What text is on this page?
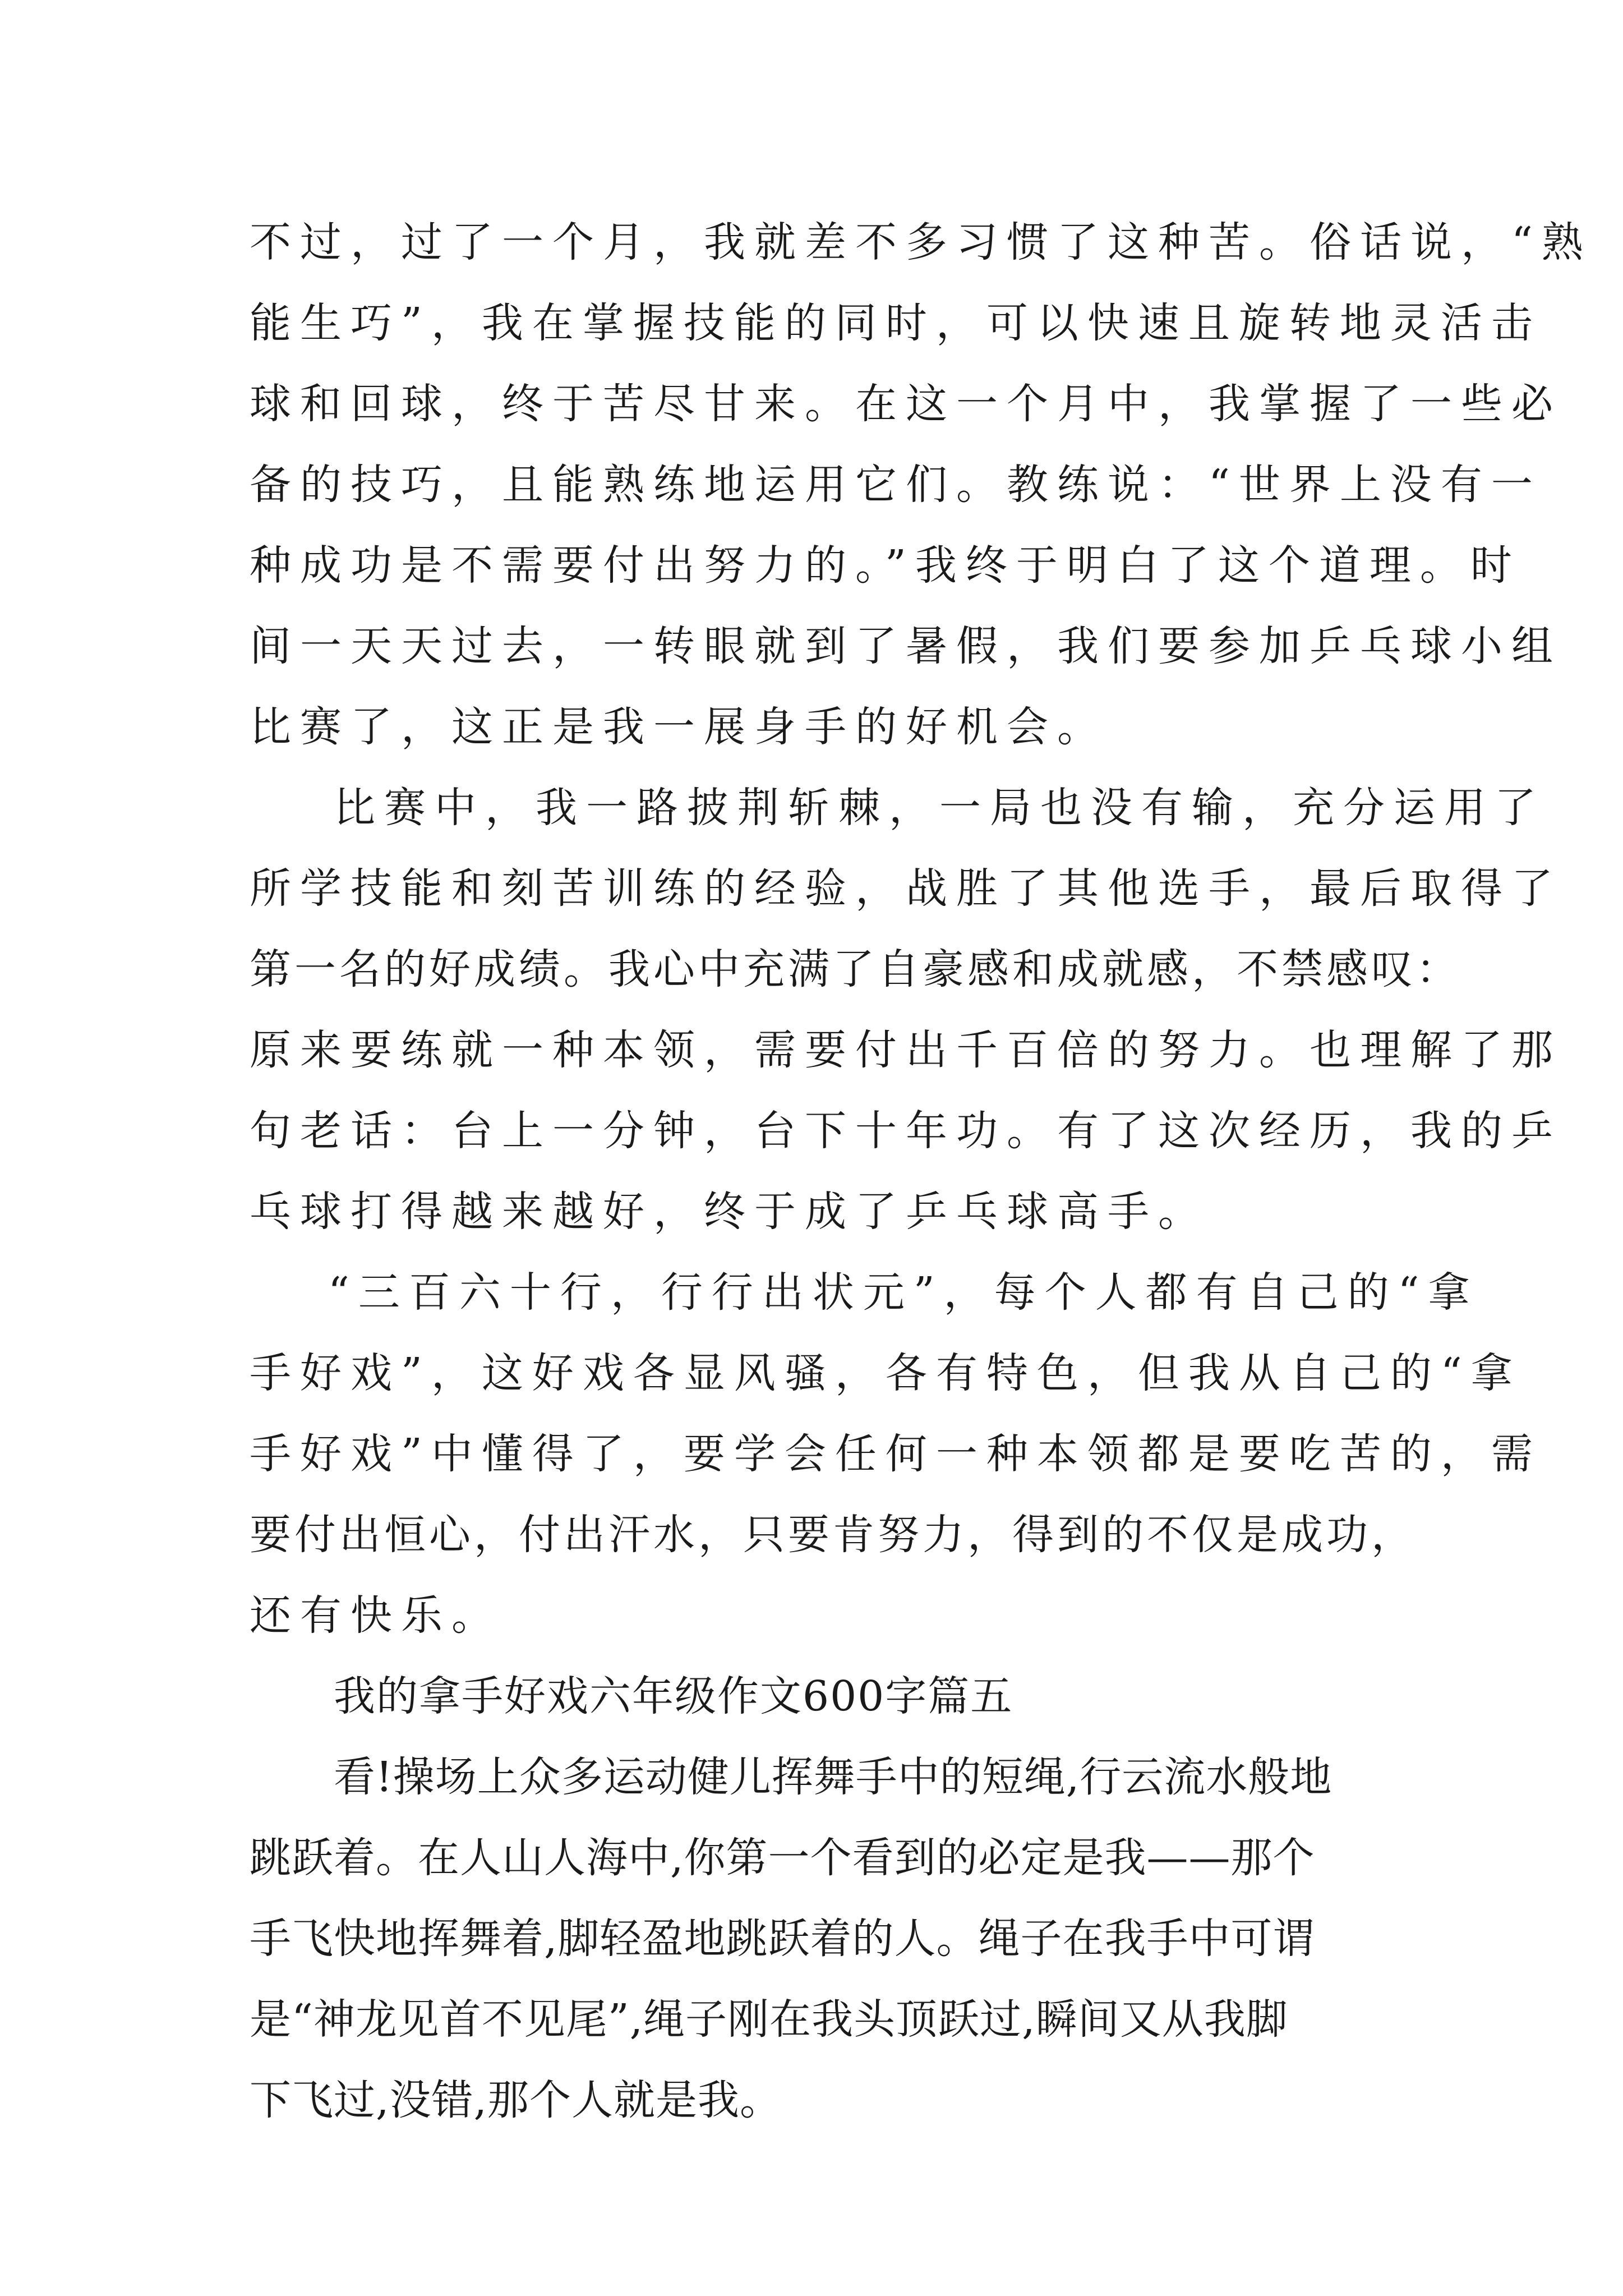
不过，过了一个月，我就差不多习惯了这种苦。俗话说，“熟
能生巧”，我在掌握技能的同时，可以快速且旋转地灵活击
球和回球，终于苦尽甘来。在这一个月中，我掌握了一些必
备的技巧，且能熟练地运用它们。教练说：“世界上没有一
种成功是不需要付出努力的。”我终于明白了这个道理。时
间一天天过去，一转眼就到了暑假，我们要参加乒乓球小组
比赛了，这正是我一展身手的好机会。
比赛中，我一路披荆斩棘，一局也没有输，充分运用了
所学技能和刻苦训练的经验，战胜了其他选手，最后取得了
第一名的好成绩。我心中充满了自豪感和成就感，不禁感叹：
原来要练就一种本领，需要付出千百倍的努力。也理解了那
句老话：台上一分钟，台下十年功。有了这次经历，我的乒
乓球打得越来越好，终于成了乒乓球高手。
“三百六十行，行行出状元”，每个人都有自己的“拿
手好戏”，这好戏各显风骚，各有特色，但我从自己的“拿
手好戏”中懂得了，要学会任何一种本领都是要吃苦的，需
要付出恒心，付出汗水，只要肯努力，得到的不仅是成功，
还有快乐。
我的拿手好戏六年级作文600字篇五
看!操场上众多运动健儿挥舞手中的短绳,行云流水般地
跳跃着。在人山人海中,你第一个看到的必定是我——那个
手飞快地挥舞着,脚轻盈地跳跃着的人。绳子在我手中可谓
是“神龙见首不见尾”,绳子刚在我头顶跃过,瞬间又从我脚
下飞过,没错,那个人就是我。
